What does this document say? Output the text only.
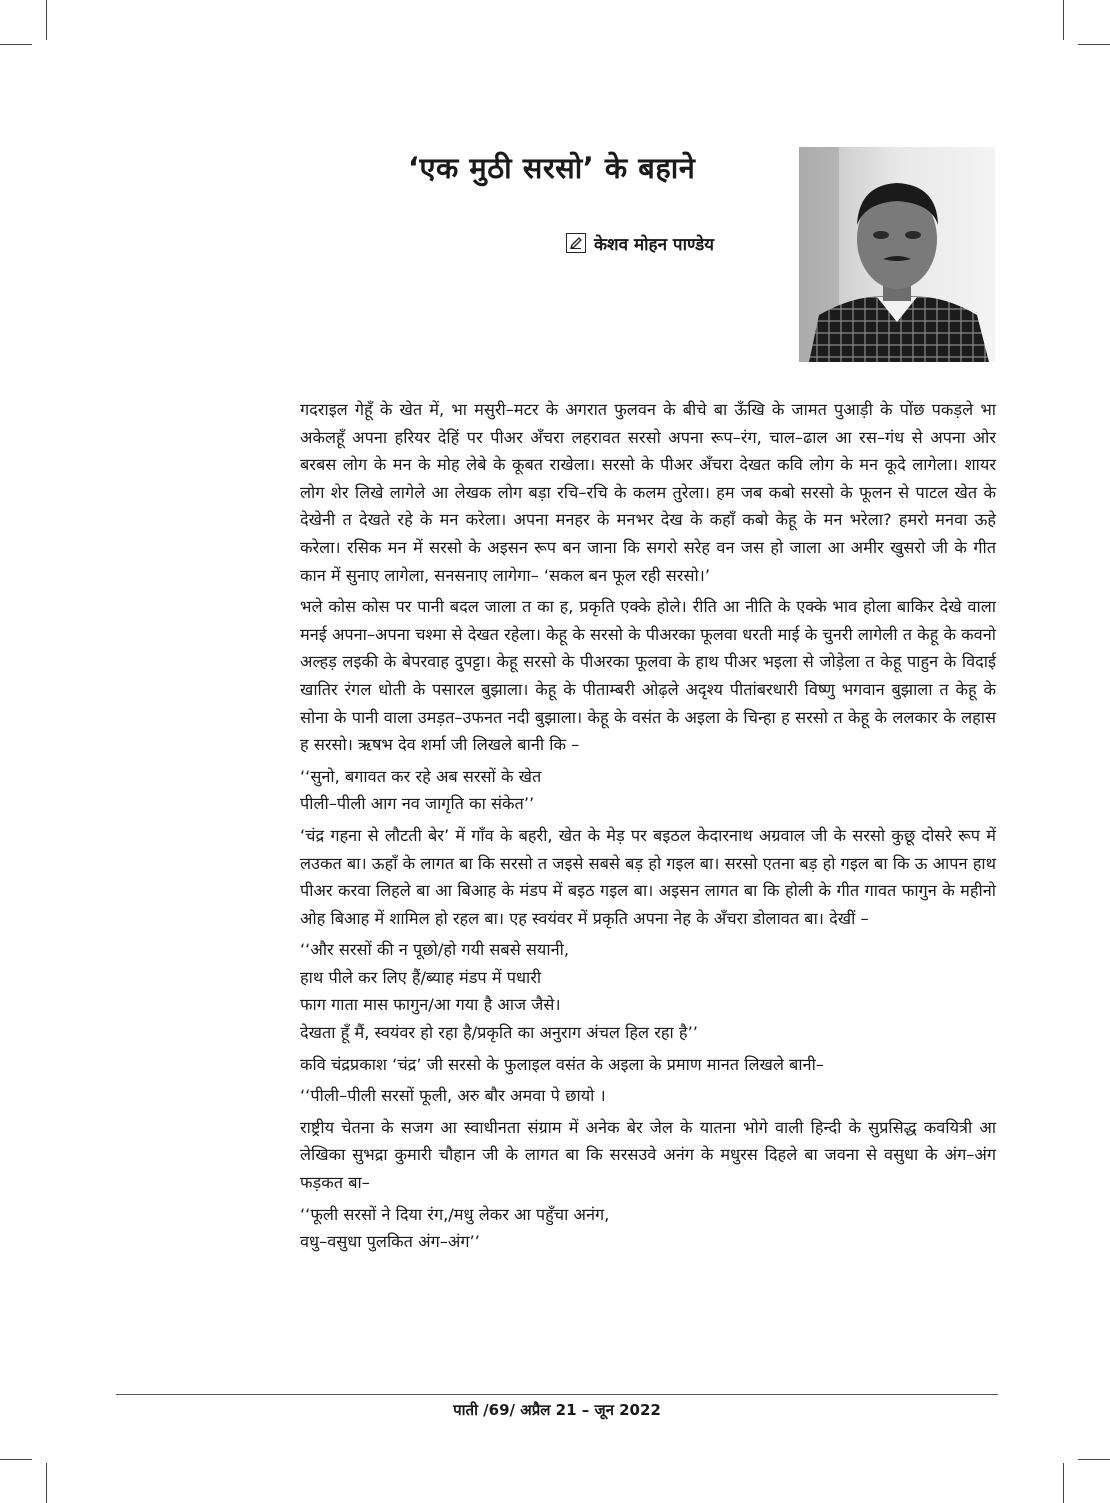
‘एक मुठी सरसो’ के बहाने
केशव मोहन पाण्डेय

गदराइल गेहूँ के खेत में, भा मसुरी–मटर के अगरात फुलवन के बीचे बा ऊँखि के जामत पुआड़ी के पोंछ पकड़ले भा अकेलहूँ अपना हरियर देहिं पर पीअर अँचरा लहरावत सरसो अपना रूप–रंग, चाल–ढाल आ रस–गंध से अपना ओर बरबस लोग के मन के मोह लेबे के कूबत राखेला। सरसो के पीअर अँचरा देखत कवि लोग के मन कूदे लागेला। शायर लोग शेर लिखे लागेले आ लेखक लोग बड़ा रचि–रचि के कलम तुरेला। हम जब कबो सरसो के फूलन से पाटल खेत के देखेनी त देखते रहे के मन करेला। अपना मनहर के मनभर देख के कहाँ कबो केहू के मन भरेला? हमरो मनवा ऊहे करेला। रसिक मन में सरसो के अइसन रूप बन जाना कि सगरो सरेह वन जस हो जाला आ अमीर खुसरो जी के गीत कान में सुनाए लागेला, सनसनाए लागेगा– ‘सकल बन फूल रही सरसो।’

भले कोस कोस पर पानी बदल जाला त का ह, प्रकृति एक्के होले। रीति आ नीति के एक्के भाव होला बाकिर देखे वाला मनई अपना–अपना चश्मा से देखत रहेला। केहू के सरसो के पीअरका फूलवा धरती माई के चुनरी लागेली त केहू के कवनो अल्हड़ लइकी के बेपरवाह दुपट्टा। केहू सरसो के पीअरका फूलवा के हाथ पीअर भइला से जोड़ेला त केहू पाहुन के विदाई खातिर रंगल धोती के पसारल बुझाला। केहू के पीताम्बरी ओढ़ले अदृश्य पीतांबरधारी विष्णु भगवान बुझाला त केहू के सोना के पानी वाला उमड़त–उफनत नदी बुझाला। केहू के वसंत के अइला के चिन्हा ह सरसो त केहू के ललकार के लहास ह सरसो। ऋषभ देव शर्मा जी लिखले बानी कि –

‘‘सुनो, बगावत कर रहे अब सरसों के खेत

पीली–पीली आग नव जागृति का संकेत’’

‘चंद्र गहना से लौटती बेर’ में गाँव के बहरी, खेत के मेड़ पर बइठल केदारनाथ अग्रवाल जी के सरसो कुछू दोसरे रूप में लउकत बा। ऊहाँ के लागत बा कि सरसो त जइसे सबसे बड़ हो गइल बा। सरसो एतना बड़ हो गइल बा कि ऊ आपन हाथ पीअर करवा लिहले बा आ बिआह के मंडप में बइठ गइल बा। अइसन लागत बा कि होली के गीत गावत फागुन के महीनो ओह बिआह में शामिल हो रहल बा। एह स्वयंवर में प्रकृति अपना नेह के अँचरा डोलावत बा। देखीं –

‘‘और सरसों की न पूछो/हो गयी सबसे सयानी,

हाथ पीले कर लिए हैं/ब्याह मंडप में पधारी

फाग गाता मास फागुन/आ गया है आज जैसे।

देखता हूँ मैं, स्वयंवर हो रहा है/प्रकृति का अनुराग अंचल हिल रहा है’’

कवि चंद्रप्रकाश ‘चंद्र’ जी सरसो के फुलाइल वसंत के अइला के प्रमाण मानत लिखले बानी–

‘‘पीली–पीली सरसों फूली, अरु बौर अमवा पे छायो ।

राष्ट्रीय चेतना के सजग आ स्वाधीनता संग्राम में अनेक बेर जेल के यातना भोगे वाली हिन्दी के सुप्रसिद्ध कवयित्री आ लेखिका सुभद्रा कुमारी चौहान जी के लागत बा कि सरसउवे अनंग के मधुरस दिहले बा जवना से वसुधा के अंग–अंग फड़कत बा–

‘‘फूली सरसों ने दिया रंग,/मधु लेकर आ पहुँचा अनंग,

वधु–वसुधा पुलकित अंग–अंग’’

पाती /69/ अप्रैल 21 – जून 2022
